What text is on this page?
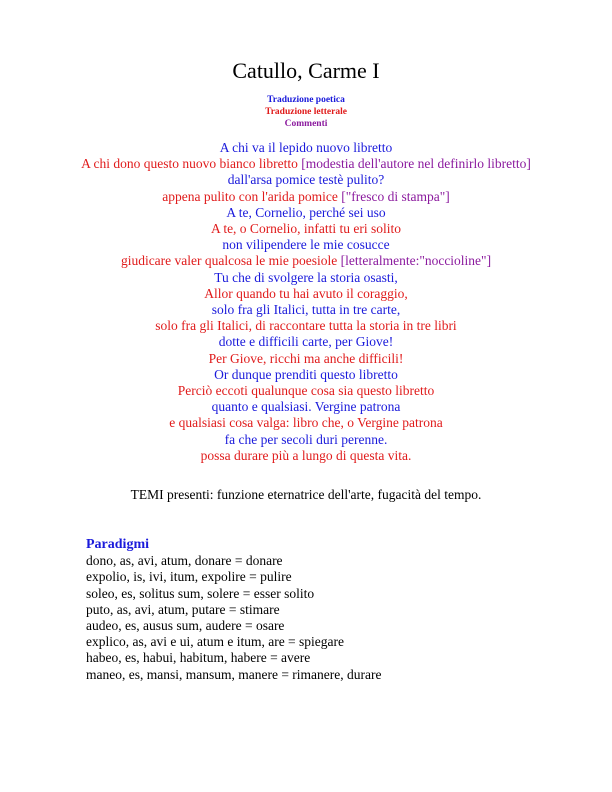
Catullo, Carme I
Traduzione poetica
Traduzione letterale
Commenti
A chi va il lepido nuovo libretto
A chi dono questo nuovo bianco libretto [modestia dell'autore nel definirlo libretto]
dall'arsa pomice testè pulito?
appena pulito con l'arida pomice ["fresco di stampa"]
A te, Cornelio, perché sei uso
A te, o Cornelio, infatti tu eri solito
non vilipendere le mie cosucce
giudicare valer qualcosa le mie poesiole [letteralmente:"noccioline"]
Tu che di svolgere la storia osasti,
Allor quando tu hai avuto il coraggio,
solo fra gli Italici, tutta in tre carte,
solo fra gli Italici, di raccontare tutta la storia in tre libri
dotte e difficili carte, per Giove!
Per Giove, ricchi ma anche difficili!
Or dunque prenditi questo libretto
Perciò eccoti qualunque cosa sia questo libretto
quanto e qualsiasi. Vergine patrona
e qualsiasi cosa valga: libro che, o Vergine patrona
fa che per secoli duri perenne.
possa durare più a lungo di questa vita.
TEMI presenti: funzione eternatrice dell'arte, fugacità del tempo.
Paradigmi
dono, as, avi, atum, donare = donare
expolio, is, ivi, itum, expolire = pulire
soleo, es, solitus sum, solere = esser solito
puto, as, avi, atum, putare = stimare
audeo, es, ausus sum, audere = osare
explico, as, avi e ui, atum e itum, are = spiegare
habeo, es, habui, habitum, habere = avere
maneo, es, mansi, mansum, manere = rimanere, durare
